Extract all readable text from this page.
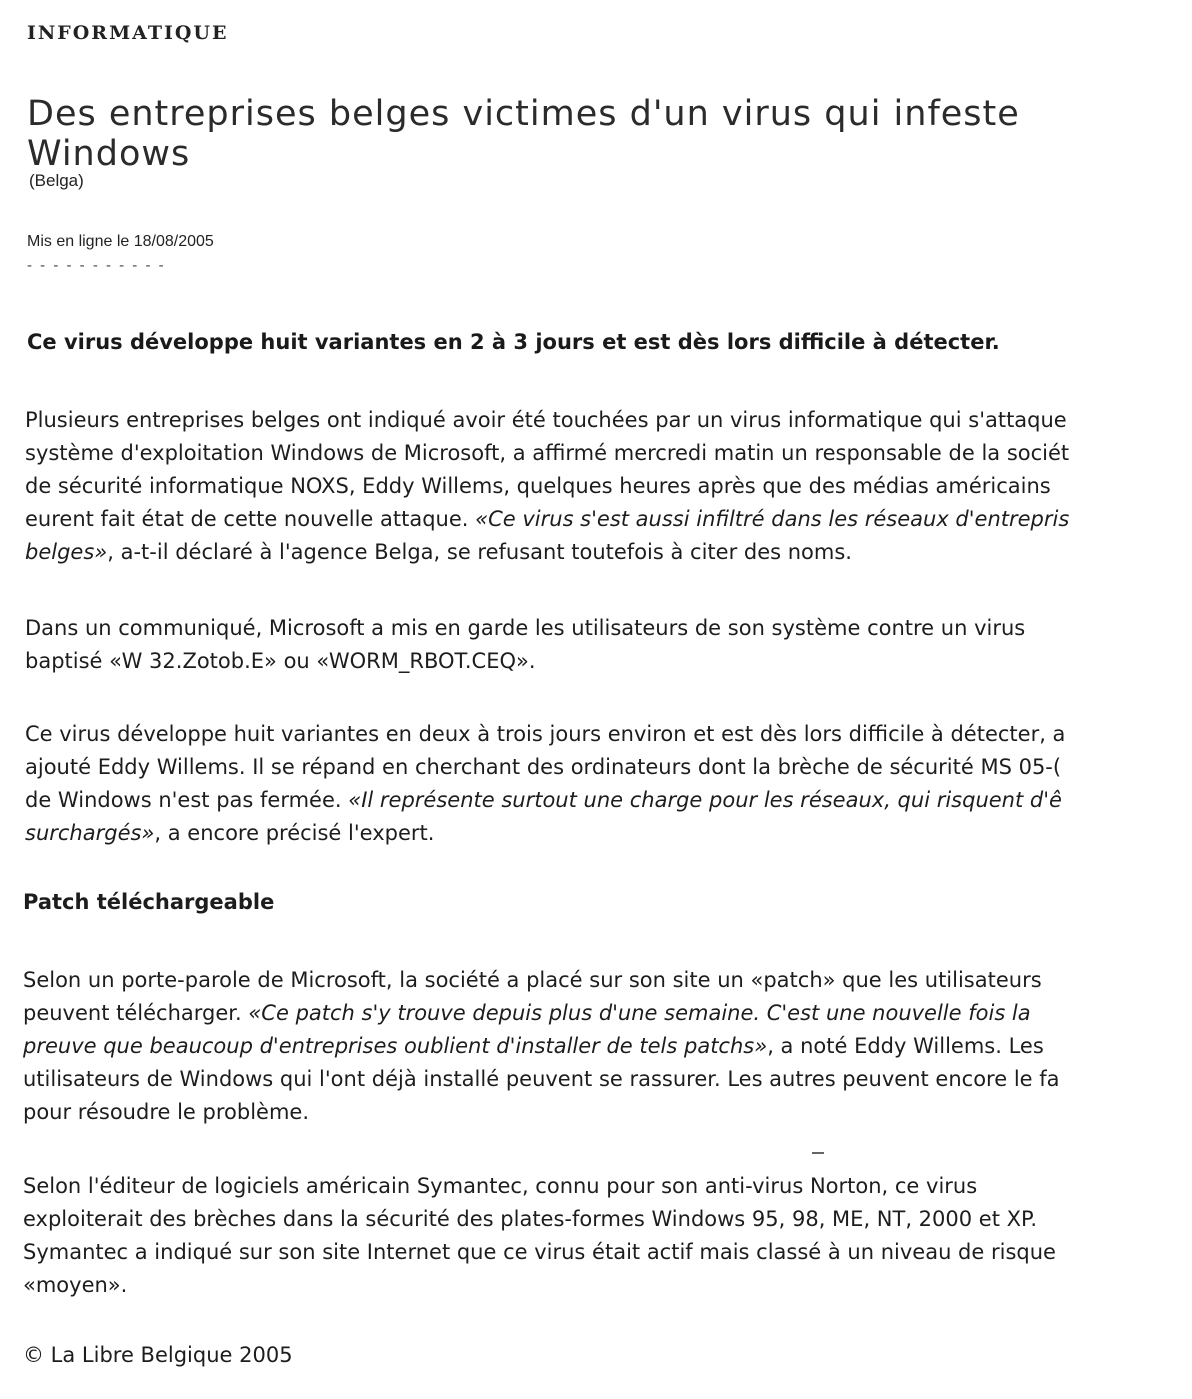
INFORMATIQUE
Des entreprises belges victimes d'un virus qui infeste Windows
(Belga)
Mis en ligne le 18/08/2005
- - - - - - - - - - -
Ce virus développe huit variantes en 2 à 3 jours et est dès lors difficile à détecter.
Plusieurs entreprises belges ont indiqué avoir été touchées par un virus informatique qui s'attaque
système d'exploitation Windows de Microsoft, a affirmé mercredi matin un responsable de la sociét
de sécurité informatique NOXS, Eddy Willems, quelques heures après que des médias américains
eurent fait état de cette nouvelle attaque. «Ce virus s'est aussi infiltré dans les réseaux d'entrepris
belges», a-t-il déclaré à l'agence Belga, se refusant toutefois à citer des noms.
Dans un communiqué, Microsoft a mis en garde les utilisateurs de son système contre un virus
baptisé «W 32.Zotob.E» ou «WORM_RBOT.CEQ».
Ce virus développe huit variantes en deux à trois jours environ et est dès lors difficile à détecter, a
ajouté Eddy Willems. Il se répand en cherchant des ordinateurs dont la brèche de sécurité MS 05-(
de Windows n'est pas fermée. «Il représente surtout une charge pour les réseaux, qui risquent d'ê
surchargés», a encore précisé l'expert.
Patch téléchargeable
Selon un porte-parole de Microsoft, la société a placé sur son site un «patch» que les utilisateurs
peuvent télécharger. «Ce patch s'y trouve depuis plus d'une semaine. C'est une nouvelle fois la
preuve que beaucoup d'entreprises oublient d'installer de tels patchs», a noté Eddy Willems. Les
utilisateurs de Windows qui l'ont déjà installé peuvent se rassurer. Les autres peuvent encore le fa
pour résoudre le problème.
Selon l'éditeur de logiciels américain Symantec, connu pour son anti-virus Norton, ce virus
exploiterait des brèches dans la sécurité des plates-formes Windows 95, 98, ME, NT, 2000 et XP.
Symantec a indiqué sur son site Internet que ce virus était actif mais classé à un niveau de risque
«moyen».
© La Libre Belgique 2005
